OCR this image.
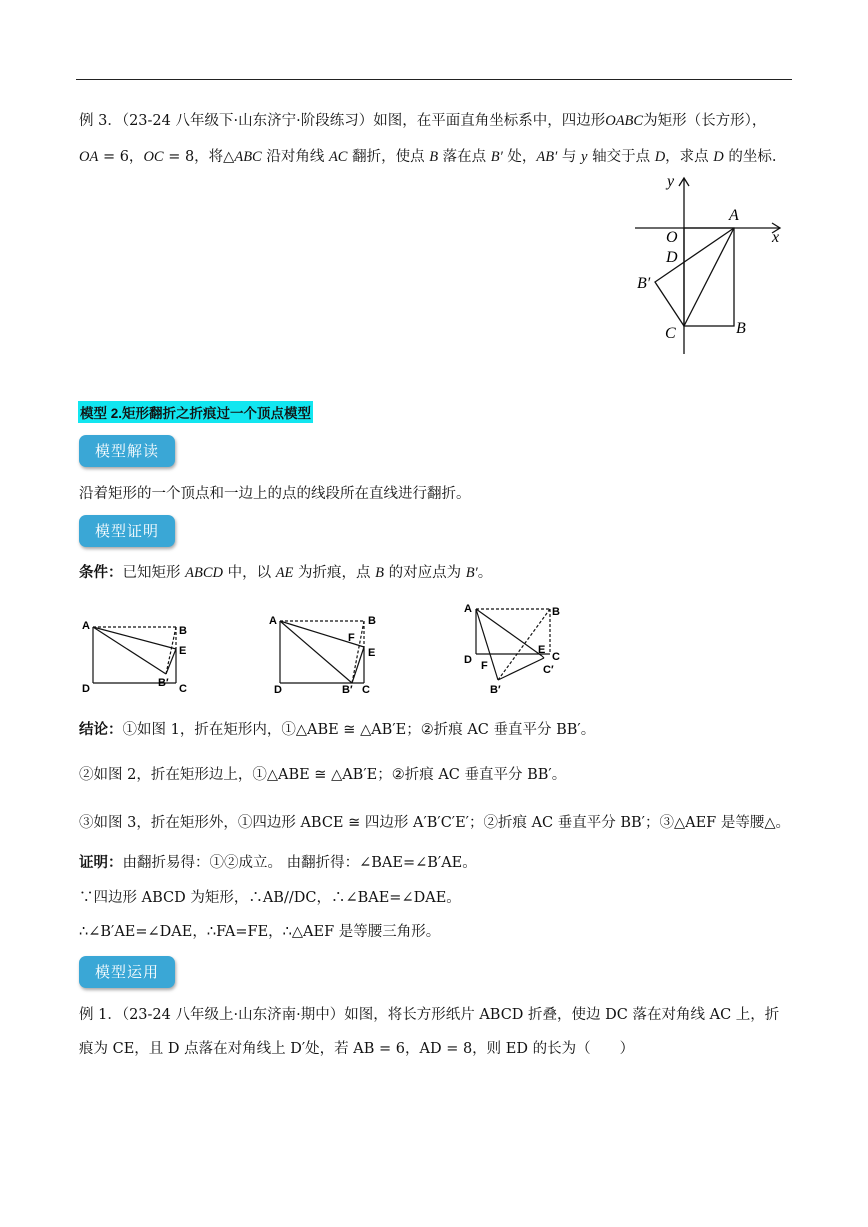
例 3．（23-24 八年级下·山东济宁·阶段练习）如图，在平面直角坐标系中，四边形OABC为矩形（长方形），
OA = 6，OC = 8，将△ABC 沿对角线 AC 翻折，使点 B 落在点 B′ 处，AB′ 与 y 轴交于点 D，求点 D 的坐标.
y
x
A
O
D
B′
C	B
模型 2.矩形翻折之折痕过一个顶点模型
模型解读
沿着矩形的一个顶点和一边上的点的线段所在直线进行翻折。
模型证明
条件：已知矩形 ABCD 中，以 AE 为折痕，点 B 的对应点为 B′。
A	B
E
D	B′ C
A	B
F
E
D	B′ C
A	B
D F
E
C
C′
B′
结论：①如图 1，折在矩形内，①△ABE ≅ △AB′E；②折痕 AC 垂直平分 BB′。
②如图 2，折在矩形边上，①△ABE ≅ △AB′E；②折痕 AC 垂直平分 BB′。
③如图 3，折在矩形外，①四边形 ABCE ≅ 四边形 A′B′C′E′；②折痕 AC 垂直平分 BB′；③△AEF 是等腰△。
证明：由翻折易得：①②成立。 由翻折得：∠BAE=∠B′AE。
∵四边形 ABCD 为矩形，∴AB//DC，∴∠BAE=∠DAE。
∴∠B′AE=∠DAE，∴FA=FE，∴△AEF 是等腰三角形。
模型运用
例 1．（23-24 八年级上·山东济南·期中）如图，将长方形纸片 ABCD 折叠，使边 DC 落在对角线 AC 上，折
痕为 CE，且 D 点落在对角线上 D′处，若 AB = 6，AD = 8，则 ED 的长为（　　）
